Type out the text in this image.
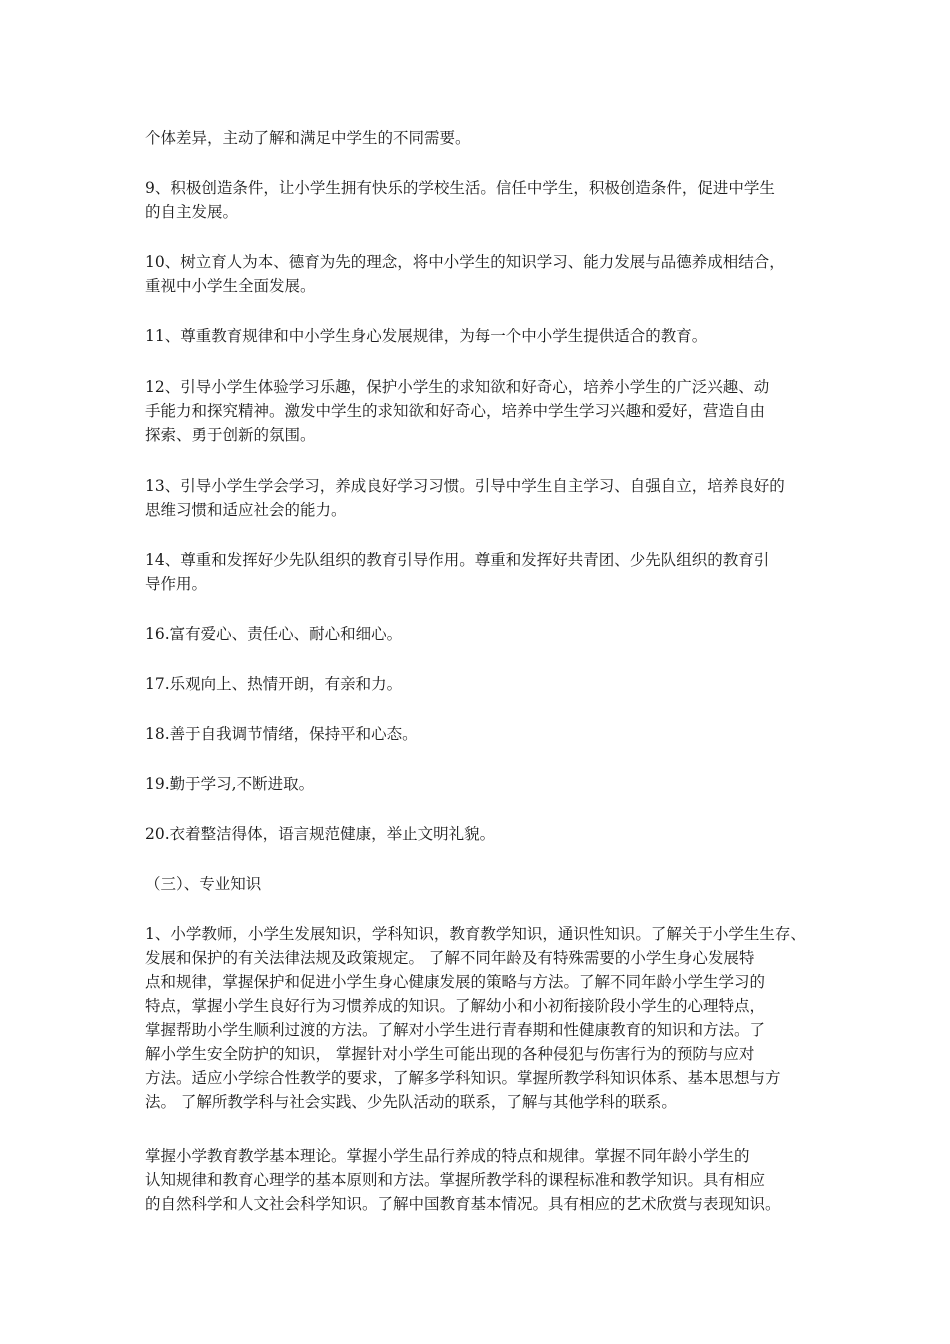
个体差异，主动了解和满足中学生的不同需要。

9、积极创造条件，让小学生拥有快乐的学校生活。信任中学生，积极创造条件，促进中学生
的自主发展。

10、树立育人为本、德育为先的理念，将中小学生的知识学习、能力发展与品德养成相结合，
重视中小学生全面发展。

11、尊重教育规律和中小学生身心发展规律，为每一个中小学生提供适合的教育。

12、引导小学生体验学习乐趣，保护小学生的求知欲和好奇心，培养小学生的广泛兴趣、动
手能力和探究精神。激发中学生的求知欲和好奇心，培养中学生学习兴趣和爱好，营造自由
探索、勇于创新的氛围。

13、引导小学生学会学习，养成良好学习习惯。引导中学生自主学习、自强自立，培养良好的
思维习惯和适应社会的能力。

14、尊重和发挥好少先队组织的教育引导作用。尊重和发挥好共青团、少先队组织的教育引
导作用。

16.富有爱心、责任心、耐心和细心。

17.乐观向上、热情开朗，有亲和力。

18.善于自我调节情绪，保持平和心态。

19.勤于学习,不断进取。

20.衣着整洁得体，语言规范健康，举止文明礼貌。

（三）、专业知识

1、小学教师，小学生发展知识，学科知识，教育教学知识，通识性知识。了解关于小学生生存、
发展和保护的有关法律法规及政策规定。 了解不同年龄及有特殊需要的小学生身心发展特
点和规律，掌握保护和促进小学生身心健康发展的策略与方法。了解不同年龄小学生学习的
特点，掌握小学生良好行为习惯养成的知识。了解幼小和小初衔接阶段小学生的心理特点，
掌握帮助小学生顺利过渡的方法。了解对小学生进行青春期和性健康教育的知识和方法。了
解小学生安全防护的知识， 掌握针对小学生可能出现的各种侵犯与伤害行为的预防与应对
方法。适应小学综合性教学的要求，了解多学科知识。掌握所教学科知识体系、基本思想与方
法。 了解所教学科与社会实践、少先队活动的联系，了解与其他学科的联系。

掌握小学教育教学基本理论。掌握小学生品行养成的特点和规律。掌握不同年龄小学生的
认知规律和教育心理学的基本原则和方法。掌握所教学科的课程标准和教学知识。具有相应
的自然科学和人文社会科学知识。了解中国教育基本情况。具有相应的艺术欣赏与表现知识。
